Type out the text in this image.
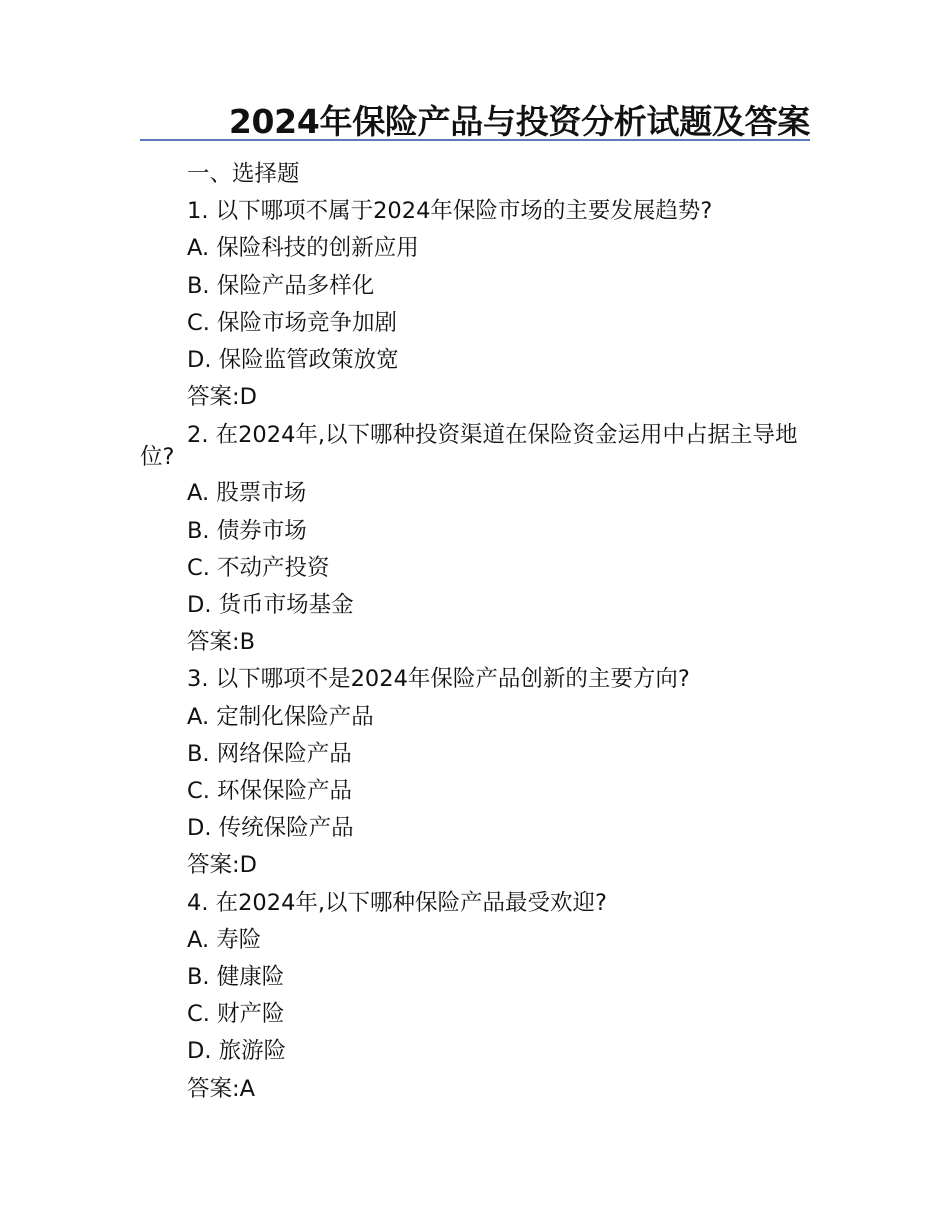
2024年保险产品与投资分析试题及答案

一、选择题

1. 以下哪项不属于2024年保险市场的主要发展趋势?

A. 保险科技的创新应用

B. 保险产品多样化

C. 保险市场竞争加剧

D. 保险监管政策放宽

答案:D

2. 在2024年,以下哪种投资渠道在保险资金运用中占据主导地位?

A. 股票市场

B. 债券市场

C. 不动产投资

D. 货币市场基金

答案:B

3. 以下哪项不是2024年保险产品创新的主要方向?

A. 定制化保险产品

B. 网络保险产品

C. 环保保险产品

D. 传统保险产品

答案:D

4. 在2024年,以下哪种保险产品最受欢迎?

A. 寿险

B. 健康险

C. 财产险

D. 旅游险

答案:A
